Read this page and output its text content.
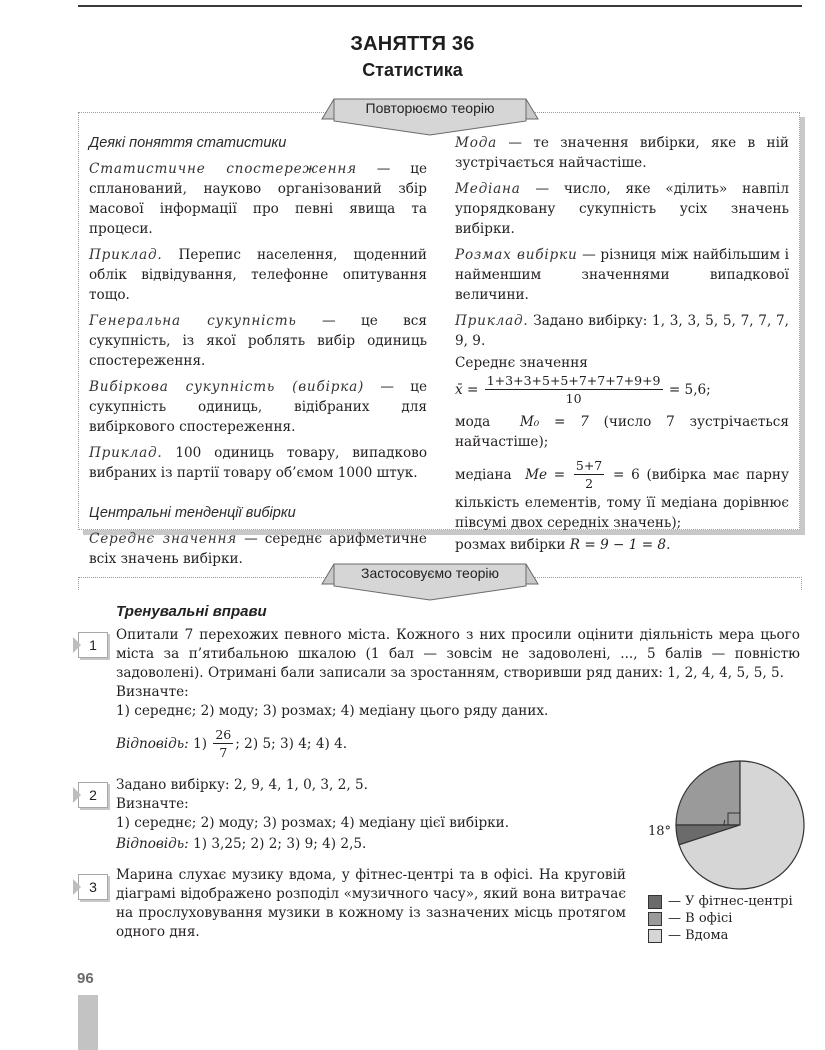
ЗАНЯТТЯ 36
Статистика

Деякі поняття статистики

Статистичне спостереження — це спланований, науково організований збір масової інформації про певні явища та процеси.

Приклад. Перепис населення, щоденний облік відвідування, телефонне опитування тощо.

Генеральна сукупність — це вся сукупність, із якої роблять вибір одиниць спостереження.

Вибіркова сукупність (вибірка) — це сукупність одиниць, відібраних для вибіркового спостереження.

Приклад. 100 одиниць товару, випадково вибраних із партії товару об’ємом 1000 штук.

Центральні тенденції вибірки

Середнє значення — середнє арифметичне всіх значень вибірки.

Мода — те значення вибірки, яке в ній зустрічається найчастіше.

Медіана — число, яке «ділить» навпіл упорядковану сукупність усіх значень вибірки.

Розмах вибірки — різниця між найбільшим і найменшим значеннями випадкової величини.

Приклад. Задано вибірку: 1, 3, 3, 5, 5, 7, 7, 7, 9, 9.

Середнє значення

x̄ = $\frac{1+3+3+5+5+7+7+7+9+9}{10} = 5,6$;

мода M₀ = 7 (число 7 зустрічається найчастіше);

медіана $Me = \frac{5+7}{2} = 6$ (вибірка має парну кількість елементів, тому її медіана дорівнює півсумі двох середніх значень);

розмах вибірки R = 9 − 1 = 8.

Повторюємо теорію
Застосовуємо теорію
Тренувальні вправи
1

Опитали 7 перехожих певного міста. Кожного з них просили оцінити діяльність мера цього міста за п’ятибальною шкалою (1 бал — зовсім не задоволені, ..., 5 балів — повністю задоволені). Отримані бали записали за зростанням, створивши ряд даних: 1, 2, 4, 4, 5, 5, 5.

Визначте:

1) середнє; 2) моду; 3) розмах; 4) медіану цього ряду даних.

Відповідь: $1) \frac{26}{7}$ ; 2) 5; 3) 4; 4) 4.

2

Задано вибірку: 2, 9, 4, 1, 0, 3, 2, 5.

Визначте:

1) середнє; 2) моду; 3) розмах; 4) медіану цієї вибірки.

Відповідь: 1) 3,25; 2) 2; 3) 9; 4) 2,5.

3

Марина слухає музику вдома, у фітнес-центрі та в офісі. На круговій діаграмі відображено розподіл «музичного часу», який вона витрачає на прослуховування музики в кожному із зазначених місць протягом одного дня.

18°
— У фітнес-центрі
— В офісі
— Вдома
96
